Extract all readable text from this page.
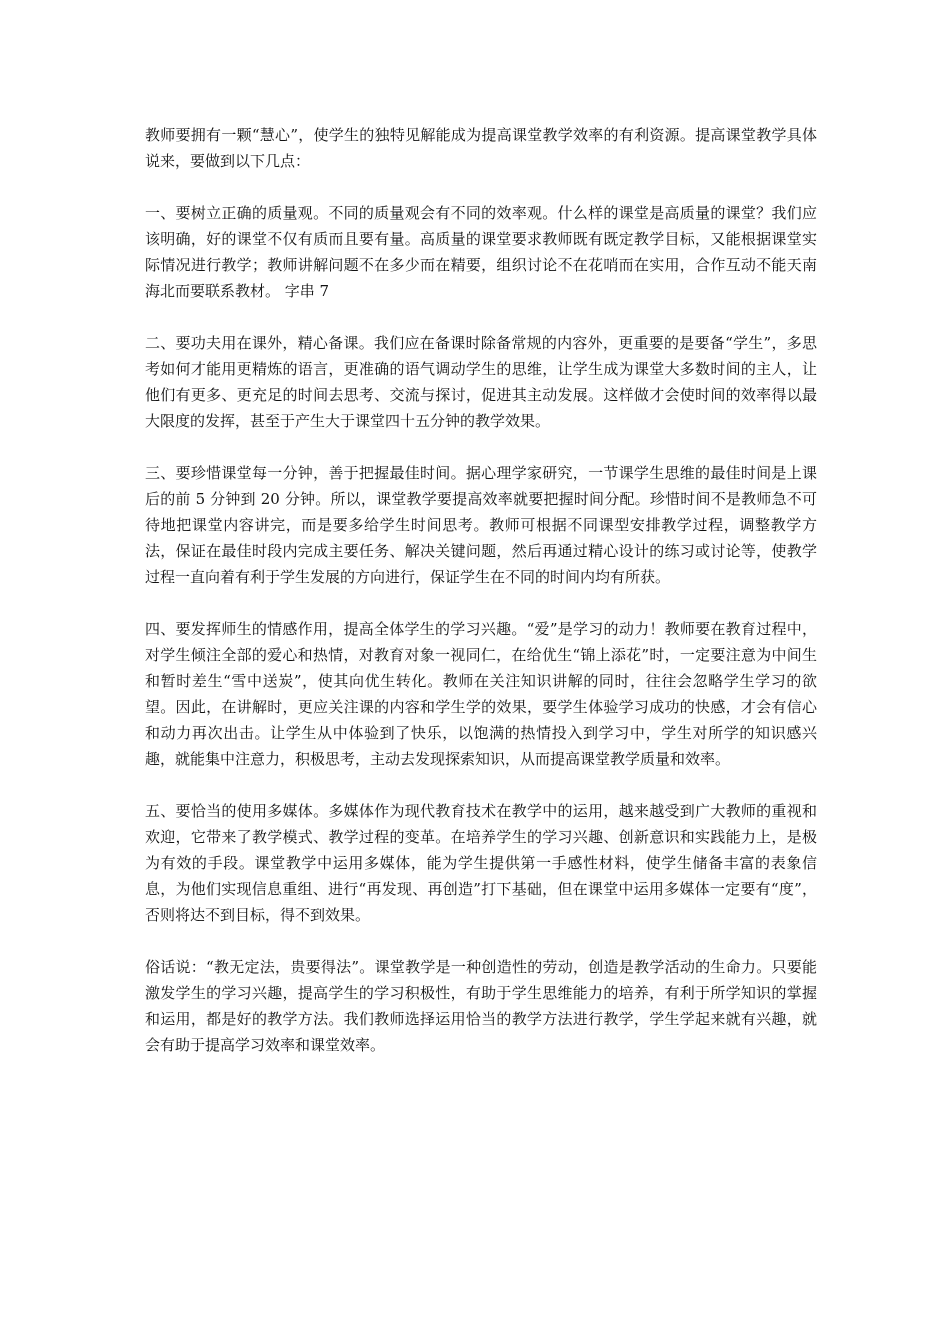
教师要拥有一颗“慧心”，使学生的独特见解能成为提高课堂教学效率的有利资源。提高课堂教学具体说来，要做到以下几点：

一、要树立正确的质量观。不同的质量观会有不同的效率观。什么样的课堂是高质量的课堂？我们应该明确，好的课堂不仅有质而且要有量。高质量的课堂要求教师既有既定教学目标，又能根据课堂实际情况进行教学；教师讲解问题不在多少而在精要，组织讨论不在花哨而在实用，合作互动不能天南海北而要联系教材。 字串 7

二、要功夫用在课外，精心备课。我们应在备课时除备常规的内容外，更重要的是要备“学生”，多思考如何才能用更精炼的语言，更准确的语气调动学生的思维，让学生成为课堂大多数时间的主人，让他们有更多、更充足的时间去思考、交流与探讨，促进其主动发展。这样做才会使时间的效率得以最大限度的发挥，甚至于产生大于课堂四十五分钟的教学效果。

三、要珍惜课堂每一分钟，善于把握最佳时间。据心理学家研究，一节课学生思维的最佳时间是上课后的前 5 分钟到 20 分钟。所以，课堂教学要提高效率就要把握时间分配。珍惜时间不是教师急不可待地把课堂内容讲完，而是要多给学生时间思考。教师可根据不同课型安排教学过程，调整教学方法，保证在最佳时段内完成主要任务、解决关键问题，然后再通过精心设计的练习或讨论等，使教学过程一直向着有利于学生发展的方向进行，保证学生在不同的时间内均有所获。

四、要发挥师生的情感作用，提高全体学生的学习兴趣。“爱”是学习的动力！教师要在教育过程中，对学生倾注全部的爱心和热情，对教育对象一视同仁，在给优生“锦上添花”时，一定要注意为中间生和暂时差生“雪中送炭”，使其向优生转化。教师在关注知识讲解的同时，往往会忽略学生学习的欲望。因此，在讲解时，更应关注课的内容和学生学的效果，要学生体验学习成功的快感，才会有信心和动力再次出击。让学生从中体验到了快乐，以饱满的热情投入到学习中，学生对所学的知识感兴趣，就能集中注意力，积极思考，主动去发现探索知识，从而提高课堂教学质量和效率。

五、要恰当的使用多媒体。多媒体作为现代教育技术在教学中的运用，越来越受到广大教师的重视和欢迎，它带来了教学模式、教学过程的变革。在培养学生的学习兴趣、创新意识和实践能力上，是极为有效的手段。课堂教学中运用多媒体，能为学生提供第一手感性材料，使学生储备丰富的表象信息，为他们实现信息重组、进行“再发现、再创造”打下基础，但在课堂中运用多媒体一定要有“度”， 否则将达不到目标，得不到效果。

俗话说：“教无定法，贵要得法”。课堂教学是一种创造性的劳动，创造是教学活动的生命力。只要能激发学生的学习兴趣，提高学生的学习积极性，有助于学生思维能力的培养，有利于所学知识的掌握和运用，都是好的教学方法。我们教师选择运用恰当的教学方法进行教学，学生学起来就有兴趣，就会有助于提高学习效率和课堂效率。
